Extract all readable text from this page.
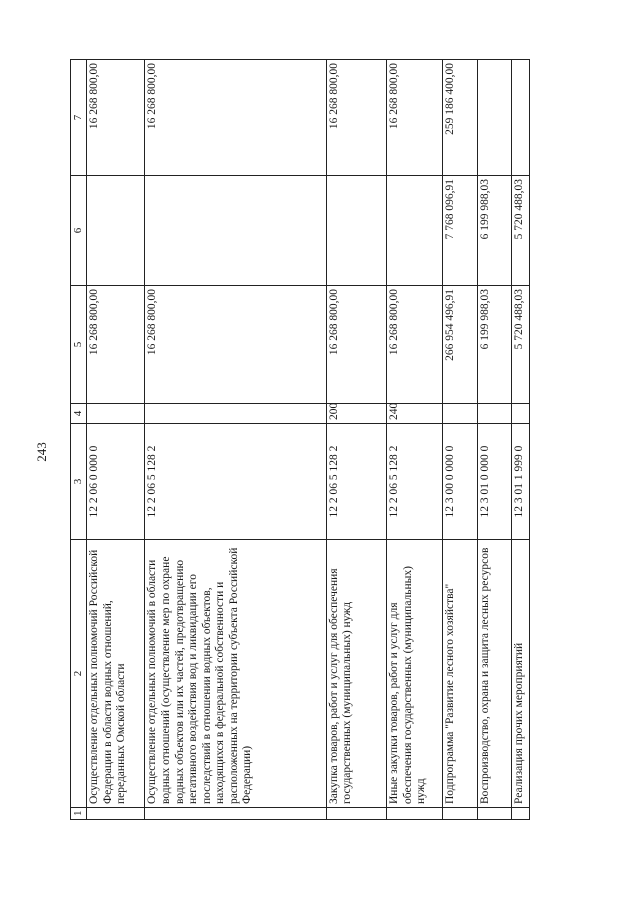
243
1	2	3	4	5	6	7
	Осуществление отдельных полномочий Российской Федерации в области водных отношений, переданных Омской области	12 2 06 0 000 0		16 268 800,00		16 268 800,00
	Осуществление отдельных полномочий в области водных отношений (осуществление мер по охране водных объектов или их частей, предотвращению негативного воздействия вод и ликвидации его последствий в отношении водных объектов, находящихся в федеральной собственности и расположенных на территории субъекта Российской Федерации)	12 2 06 5 128 2		16 268 800,00		16 268 800,00
	Закупка товаров, работ и услуг для обеспечения государственных (муниципальных) нужд	12 2 06 5 128 2	200	16 268 800,00		16 268 800,00
	Иные закупки товаров, работ и услуг для обеспечения государственных (муниципальных) нужд	12 2 06 5 128 2	240	16 268 800,00		16 268 800,00
	Подпрограмма "Развитие лесного хозяйства"	12 3 00 0 000 0		266 954 496,91	7 768 096,91	259 186 400,00
	Воспроизводство, охрана и защита лесных ресурсов	12 3 01 0 000 0		6 199 988,03	6 199 988,03	
	Реализация прочих мероприятий	12 3 01 1 999 0		5 720 488,03	5 720 488,03	
